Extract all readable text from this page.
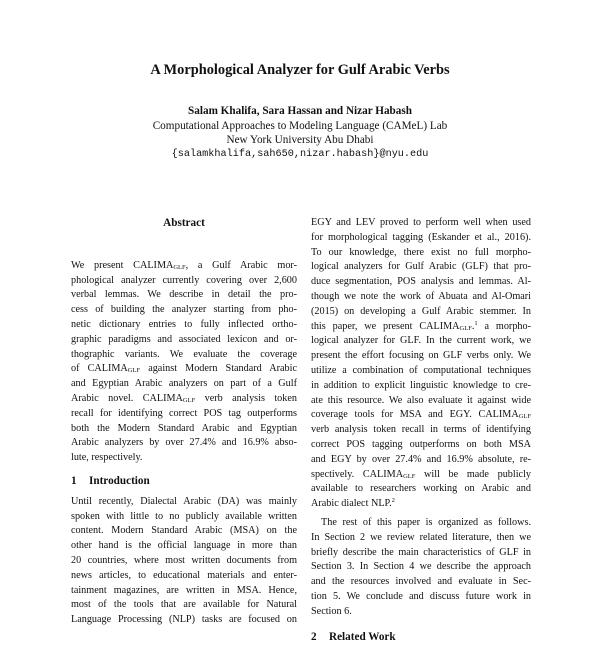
A Morphological Analyzer for Gulf Arabic Verbs
Salam Khalifa, Sara Hassan and Nizar Habash
Computational Approaches to Modeling Language (CAMeL) Lab
New York University Abu Dhabi
{salamkhalifa,sah650,nizar.habash}@nyu.edu
Abstract
We present $CALIMA_{GLF}$, a Gulf Arabic mor-
phological analyzer currently covering over 2,600
verbal lemmas. We describe in detail the pro-
cess of building the analyzer starting from pho-
netic dictionary entries to fully inflected ortho-
graphic paradigms and associated lexicon and or-
thographic variants. We evaluate the coverage
of $CALIMA_{GLF}$ against Modern Standard Arabic
and Egyptian Arabic analyzers on part of a Gulf
Arabic novel. $CALIMA_{GLF}$ verb analysis token
recall for identifying correct POS tag outperforms
both the Modern Standard Arabic and Egyptian
Arabic analyzers by over 27.4% and 16.9% abso-
lute, respectively.
1 Introduction
Until recently, Dialectal Arabic (DA) was mainly
spoken with little to no publicly available written
content. Modern Standard Arabic (MSA) on the
other hand is the official language in more than
20 countries, where most written documents from
news articles, to educational materials and enter-
tainment magazines, are written in MSA. Hence,
most of the tools that are available for Natural
Language Processing (NLP) tasks are focused on
EGY and LEV proved to perform well when used
for morphological tagging (Eskander et al., 2016).
To our knowledge, there exist no full morpho-
logical analyzers for Gulf Arabic (GLF) that pro-
duce segmentation, POS analysis and lemmas. Al-
though we note the work of Abuata and Al-Omari
(2015) on developing a Gulf Arabic stemmer. In
this paper, we present $CALIMA_{GLF}.^1$ a morpho-
logical analyzer for GLF. In the current work, we
present the effort focusing on GLF verbs only. We
utilize a combination of computational techniques
in addition to explicit linguistic knowledge to cre-
ate this resource. We also evaluate it against wide
coverage tools for MSA and EGY. $CALIMA_{GLF}$
verb analysis token recall in terms of identifying
correct POS tagging outperforms on both MSA
and EGY by over 27.4% and 16.9% absolute, re-
spectively. $CALIMA_{GLF}$ will be made publicly
available to researchers working on Arabic and
Arabic dialect NLP.$^2$
The rest of this paper is organized as follows.
In Section 2 we review related literature, then we
briefly describe the main characteristics of GLF in
Section 3. In Section 4 we describe the approach
and the resources involved and evaluate in Sec-
tion 5. We conclude and discuss future work in
Section 6.
2 Related Work
